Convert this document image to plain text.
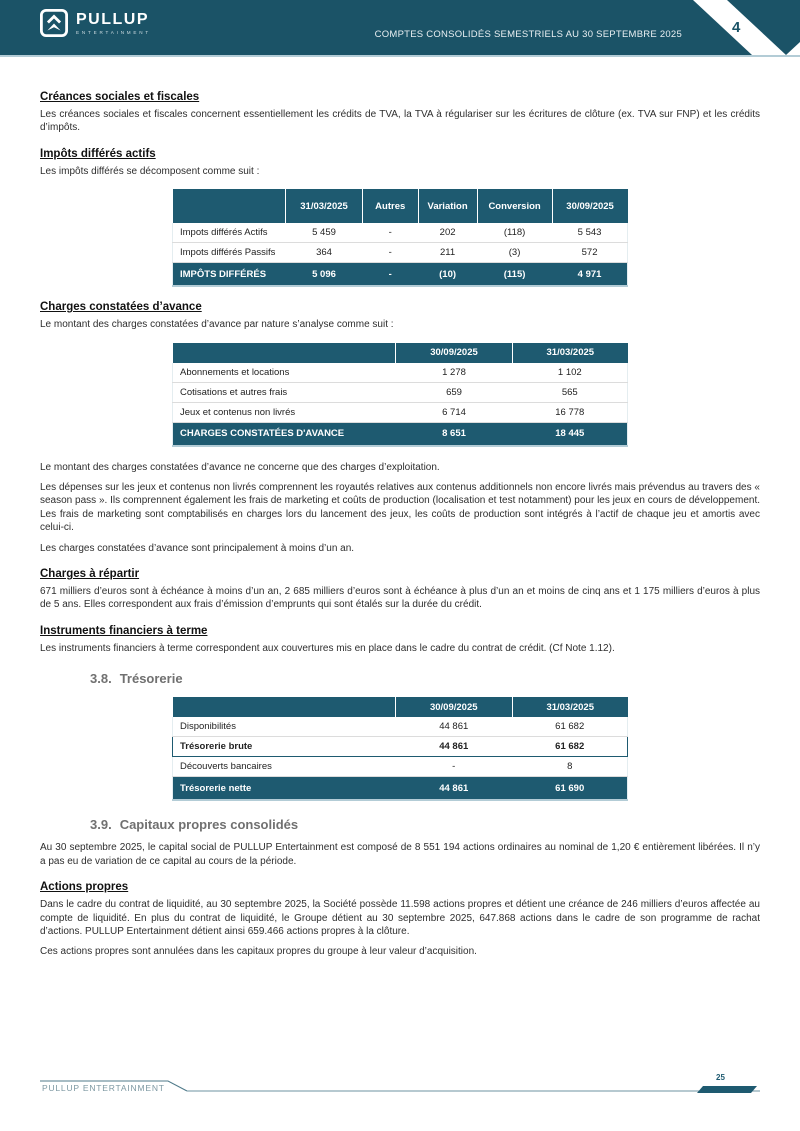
PULLUP
ENTERTAINMENT	COMPTES CONSOLIDÉS SEMESTRIELS AU 30 SEPTEMBRE 2025	4
Créances sociales et fiscales

Les créances sociales et fiscales concernent essentiellement les crédits de TVA, la TVA à régulariser sur les écritures de clôture (ex. TVA sur FNP) et les crédits d’impôts.

Impôts différés actifs

Les impôts différés se décomposent comme suit :

	31/03/2025	Autres	Variation	Conversion	30/09/2025
Impots différés Actifs	5 459	-	202	(118)	5 543
Impots différés Passifs	364	-	211	(3)	572
IMPÔTS DIFFÉRÉS	5 096	-	(10)	(115)	4 971
Charges constatées d’avance

Le montant des charges constatées d’avance par nature s’analyse comme suit :

	30/09/2025	31/03/2025
Abonnements et locations	1 278	1 102
Cotisations et autres frais	659	565
Jeux et contenus non livrés	6 714	16 778
CHARGES CONSTATÉES D'AVANCE	8 651	18 445

Le montant des charges constatées d’avance ne concerne que des charges d’exploitation.

Les dépenses sur les jeux et contenus non livrés comprennent les royautés relatives aux contenus additionnels non encore livrés mais prévendus au travers des « season pass ». Ils comprennent également les frais de marketing et coûts de production (localisation et test notamment) pour les jeux en cours de développement. Les frais de marketing sont comptabilisés en charges lors du lancement des jeux, les coûts de production sont intégrés à l’actif de chaque jeu et amortis avec celui-ci.

Les charges constatées d’avance sont principalement à moins d’un an.

Charges à répartir

671 milliers d’euros sont à échéance à moins d’un an, 2 685 milliers d’euros sont à échéance à plus d’un an et moins de cinq ans et 1 175 milliers d’euros à plus de 5 ans. Elles correspondent aux frais d’émission d’emprunts qui sont étalés sur la durée du crédit.

Instruments financiers à terme

Les instruments financiers à terme correspondent aux couvertures mis en place dans le cadre du contrat de crédit. (Cf Note 1.12).

3.8. Trésorerie
	30/09/2025	31/03/2025
Disponibilités	44 861	61 682
Trésorerie brute	44 861	61 682
Découverts bancaires	-	8
Trésorerie nette	44 861	61 690
3.9. Capitaux propres consolidés

Au 30 septembre 2025, le capital social de PULLUP Entertainment est composé de 8 551 194 actions ordinaires au nominal de 1,20 € entièrement libérées. Il n’y a pas eu de variation de ce capital au cours de la période.

Actions propres

Dans le cadre du contrat de liquidité, au 30 septembre 2025, la Société possède 11.598 actions propres et détient une créance de 246 milliers d’euros affectée au compte de liquidité. En plus du contrat de liquidité, le Groupe détient au 30 septembre 2025, 647.868 actions dans le cadre de son programme de rachat d’actions. PULLUP Entertainment détient ainsi 659.466 actions propres à la clôture.

Ces actions propres sont annulées dans les capitaux propres du groupe à leur valeur d’acquisition.

PULLUP ENTERTAINMENT
25
